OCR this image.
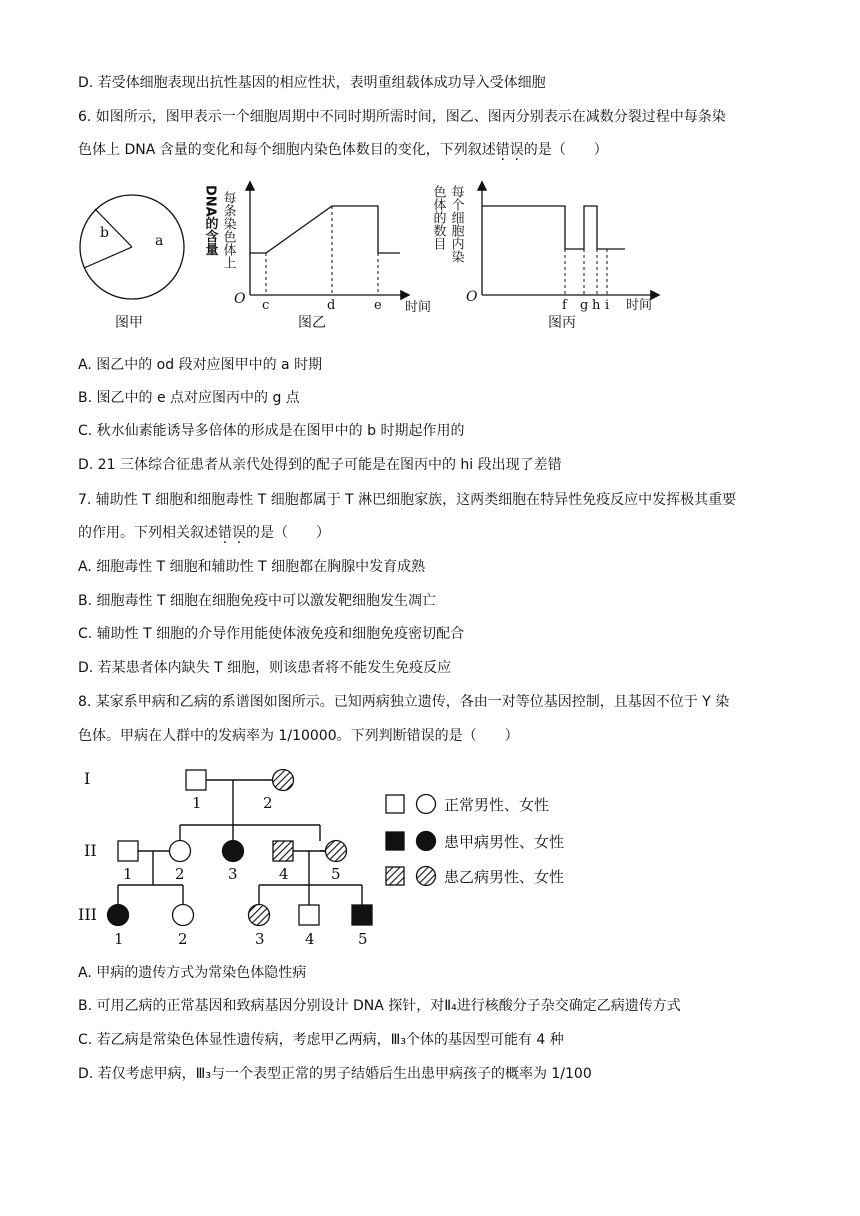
D. 若受体细胞表现出抗性基因的相应性状，表明重组载体成功导入受体细胞
6. 如图所示，图甲表示一个细胞周期中不同时期所需时间，图乙、图丙分别表示在减数分裂过程中每条染
色体上 DNA 含量的变化和每个细胞内染色体数目的变化，下列叙述错误的是（　　）
b	a
图甲
每条染色体上
DNA的含量
O c	d	e 时间
图乙
每个细胞内染
色体的数目
O
f g h i 时间
图丙
A. 图乙中的 od 段对应图甲中的 a 时期
B. 图乙中的 e 点对应图丙中的 g 点
C. 秋水仙素能诱导多倍体的形成是在图甲中的 b 时期起作用的
D. 21 三体综合征患者从亲代处得到的配子可能是在图丙中的 hi 段出现了差错
7. 辅助性 T 细胞和细胞毒性 T 细胞都属于 T 淋巴细胞家族，这两类细胞在特异性免疫反应中发挥极其重要
的作用。下列相关叙述错误的是（　　）
A. 细胞毒性 T 细胞和辅助性 T 细胞都在胸腺中发育成熟
B. 细胞毒性 T 细胞在细胞免疫中可以激发靶细胞发生凋亡
C. 辅助性 T 细胞的介导作用能使体液免疫和细胞免疫密切配合
D. 若某患者体内缺失 T 细胞，则该患者将不能发生免疫反应
8. 某家系甲病和乙病的系谱图如图所示。已知两病独立遗传，各由一对等位基因控制，且基因不位于 Y 染
色体。甲病在人群中的发病率为 1/10000。下列判断错误的是（　　）
I
II
III
1	2
1	2	3	4	5
1	2	3	4	5
正常男性、女性
患甲病男性、女性
患乙病男性、女性
A. 甲病的遗传方式为常染色体隐性病
B. 可用乙病的正常基因和致病基因分别设计 DNA 探针，对Ⅱ₄进行核酸分子杂交确定乙病遗传方式
C. 若乙病是常染色体显性遗传病，考虑甲乙两病，Ⅲ₃个体的基因型可能有 4 种
D. 若仅考虑甲病，Ⅲ₃与一个表型正常的男子结婚后生出患甲病孩子的概率为 1/100
